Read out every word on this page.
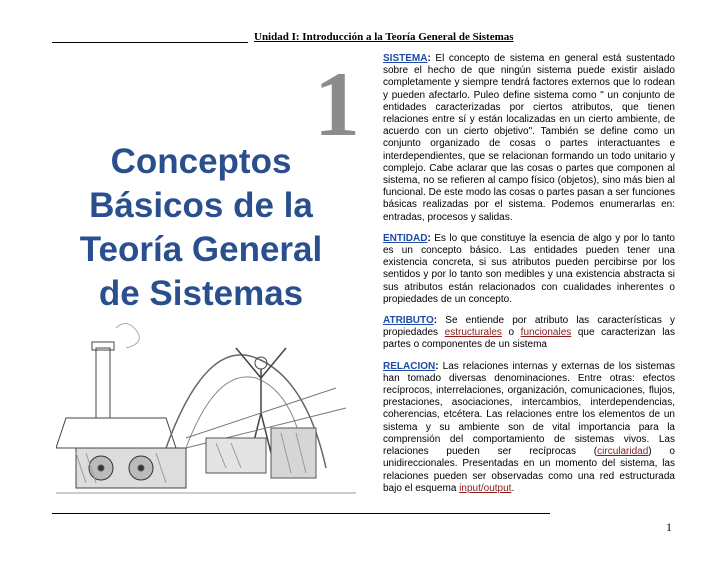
Unidad I: Introducción a la Teoría General de Sistemas
1
Conceptos
Básicos de la
Teoría General
de Sistemas

SISTEMA: El concepto de sistema en general está sustentado sobre el hecho de que ningún sistema puede existir aislado completamente y siempre tendrá factores externos que lo rodean y pueden afectarlo. Puleo define sistema como " un conjunto de entidades caracterizadas por ciertos atributos, que tienen relaciones entre sí y están localizadas en un cierto ambiente, de acuerdo con un cierto objetivo". También se define como un conjunto organizado de cosas o partes interactuantes e interdependientes, que se relacionan formando un todo unitario y complejo. Cabe aclarar que las cosas o partes que componen al sistema, no se refieren al campo físico (objetos), sino más bien al funcional. De este modo las cosas o partes pasan a ser funciones básicas realizadas por el sistema. Podemos enumerarlas en: entradas, procesos y salidas.

ENTIDAD: Es lo que constituye la esencia de algo y por lo tanto es un concepto básico. Las entidades pueden tener una existencia concreta, si sus atributos pueden percibirse por los sentidos y por lo tanto son medibles y una existencia abstracta si sus atributos están relacionados con cualidades inherentes o propiedades de un concepto.

ATRIBUTO: Se entiende por atributo las características y propiedades estructurales o funcionales que caracterizan las partes o componentes de un sistema

RELACION: Las relaciones internas y externas de los sistemas han tomado diversas denominaciones. Entre otras: efectos recíprocos, interrelaciones, organización, comunicaciones, flujos, prestaciones, asociaciones, intercambios, interdependencias, coherencias, etcétera. Las relaciones entre los elementos de un sistema y su ambiente son de vital importancia para la comprensión del comportamiento de sistemas vivos. Las relaciones pueden ser recíprocas (circularidad) o unidireccionales. Presentadas en un momento del sistema, las relaciones pueden ser observadas como una red estructurada bajo el esquema input/output.

1
